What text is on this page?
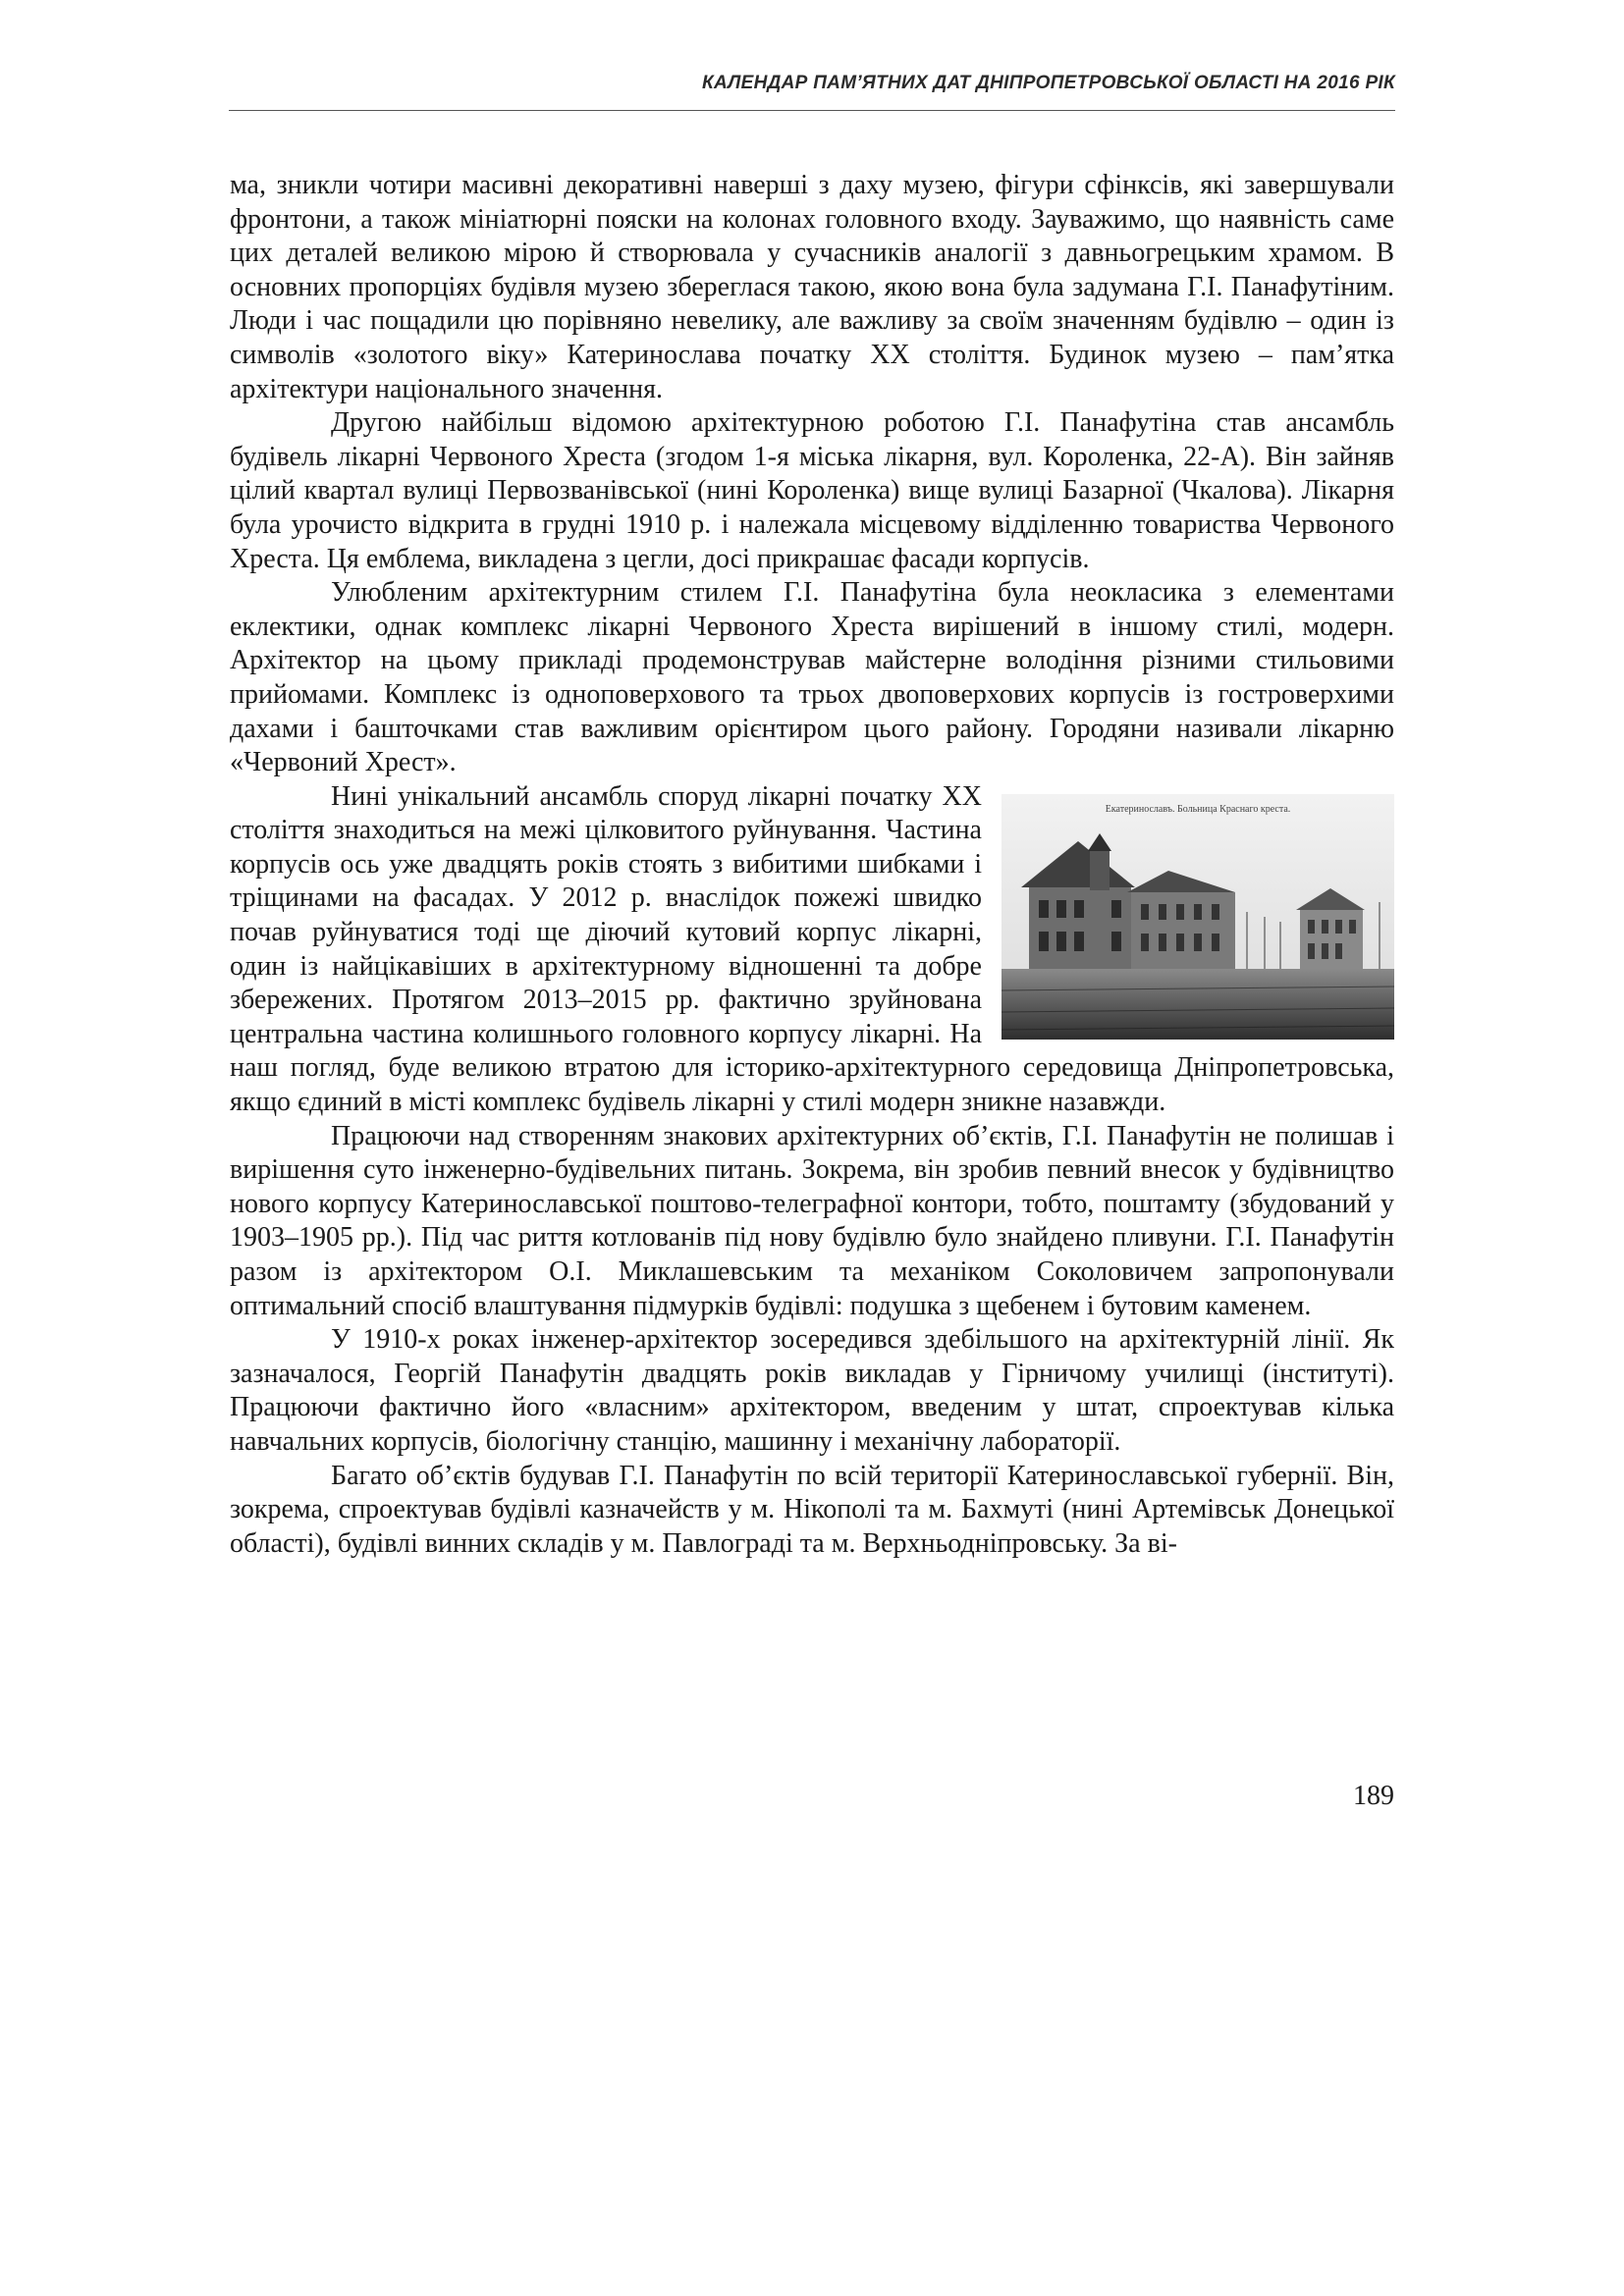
КАЛЕНДАР ПАМ’ЯТНИХ ДАТ ДНІПРОПЕТРОВСЬКОЇ ОБЛАСТІ НА 2016 РІК

ма, зникли чотири масивні декоративні наверші з даху музею, фігури сфінксів, які завершували фронтони, а також мініатюрні пояски на колонах головного входу. Зауважимо, що наявність саме цих деталей великою мірою й створювала у сучасників аналогії з давньогрецьким храмом. В основних пропорціях будівля музею збереглася такою, якою вона була задумана Г.І. Панафутіним. Люди і час пощадили цю порівняно невелику, але важливу за своїм значенням будівлю – один із символів «золотого віку» Катеринослава початку ХХ століття. Будинок музею – пам’ятка архітектури національного значення.

Другою найбільш відомою архітектурною роботою Г.І. Панафутіна став ансамбль будівель лікарні Червоного Хреста (згодом 1-я міська лікарня, вул. Короленка, 22-А). Він зайняв цілий квартал вулиці Первозванівської (нині Короленка) вище вулиці Базарної (Чкалова). Лікарня була урочисто відкрита в грудні 1910 р. і належала місцевому відділенню товариства Червоного Хреста. Ця емблема, викладена з цегли, досі прикрашає фасади корпусів.

Улюбленим архітектурним стилем Г.І. Панафутіна була неокласика з елементами еклектики, однак комплекс лікарні Червоного Хреста вирішений в іншому стилі, модерн. Архітектор на цьому прикладі продемонстрував майстерне володіння різними стильовими прийомами. Комплекс із одноповерхового та трьох двоповерхових корпусів із гостроверхими дахами і башточками став важливим орієнтиром цього району. Городяни називали лікарню «Червоний Хрест».

Екатеринославъ. Больница Краснаго креста.

Нині унікальний ансамбль споруд лікарні початку ХХ століття знаходиться на межі цілковитого руйнування. Частина корпусів ось уже двадцять років стоять з вибитими шибками і тріщинами на фасадах. У 2012 р. внаслідок пожежі швидко почав руйнуватися тоді ще діючий кутовий корпус лікарні, один із найцікавіших в архітектурному відношенні та добре збережених. Протягом 2013–2015 рр. фактично зруйнована центральна частина колишнього головного корпусу лікарні. На наш погляд, буде великою втратою для історико-архітектурного середовища Дніпропетровська, якщо єдиний в місті комплекс будівель лікарні у стилі модерн зникне назавжди.

Працюючи над створенням знакових архітектурних об’єктів, Г.І. Панафутін не полишав і вирішення суто інженерно-будівельних питань. Зокрема, він зробив певний внесок у будівництво нового корпусу Катеринославської поштово-телеграфної контори, тобто, поштамту (збудований у 1903–1905 рр.). Під час риття котлованів під нову будівлю було знайдено пливуни. Г.І. Панафутін разом із архітектором О.І. Миклашевським та механіком Соколовичем запропонували оптимальний спосіб влаштування підмурків будівлі: подушка з щебенем і бутовим каменем.

У 1910-х роках інженер-архітектор зосередився здебільшого на архітектурній лінії. Як зазначалося, Георгій Панафутін двадцять років викладав у Гірничому училищі (інституті). Працюючи фактично його «власним» архітектором, введеним у штат, спроектував кілька навчальних корпусів, біологічну станцію, машинну і механічну лабораторії.

Багато об’єктів будував Г.І. Панафутін по всій території Катеринославської губернії. Він, зокрема, спроектував будівлі казначейств у м. Нікополі та м. Бахмуті (нині Артемівськ Донецької області), будівлі винних складів у м. Павлограді та м. Верхньодніпровську. За ві-

189
